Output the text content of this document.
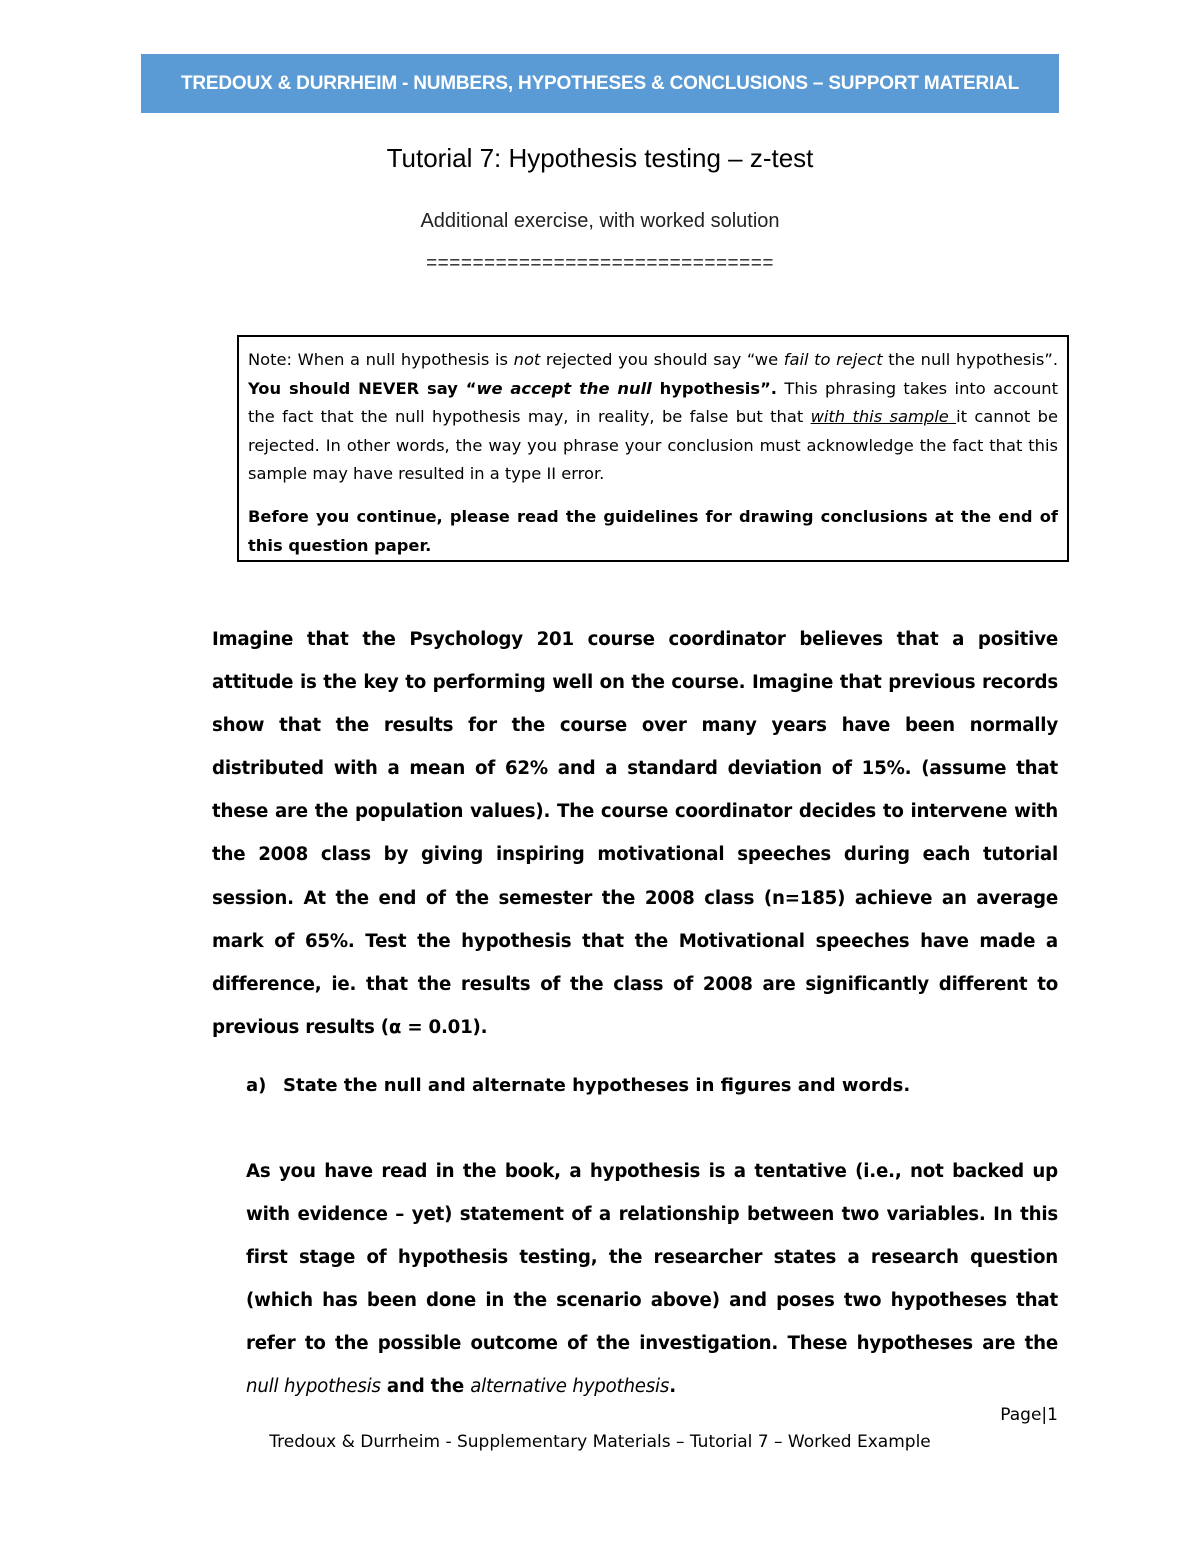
TREDOUX & DURRHEIM - NUMBERS, HYPOTHESES & CONCLUSIONS – SUPPORT MATERIAL
Tutorial 7: Hypothesis testing – z-test
Additional exercise, with worked solution
==============================

Note: When a null hypothesis is not rejected you should say “we fail to reject the null hypothesis”. You should NEVER say “we accept the null hypothesis”. This phrasing takes into account the fact that the null hypothesis may, in reality, be false but that with this sample it cannot be rejected. In other words, the way you phrase your conclusion must acknowledge the fact that this sample may have resulted in a type II error.

Before you continue, please read the guidelines for drawing conclusions at the end of this question paper.

Imagine that the Psychology 201 course coordinator believes that a positive attitude is the key to performing well on the course. Imagine that previous records show that the results for the course over many years have been normally distributed with a mean of 62% and a standard deviation of 15%. (assume that these are the population values). The course coordinator decides to intervene with the 2008 class by giving inspiring motivational speeches during each tutorial session. At the end of the semester the 2008 class (n=185) achieve an average mark of 65%. Test the hypothesis that the Motivational speeches have made a difference, ie. that the results of the class of 2008 are significantly different to previous results (α = 0.01).

a) State the null and alternate hypotheses in figures and words.

As you have read in the book, a hypothesis is a tentative (i.e., not backed up with evidence – yet) statement of a relationship between two variables. In this first stage of hypothesis testing, the researcher states a research question (which has been done in the scenario above) and poses two hypotheses that refer to the possible outcome of the investigation. These hypotheses are the null hypothesis and the alternative hypothesis.

Page|1
Tredoux & Durrheim - Supplementary Materials – Tutorial 7 – Worked Example
